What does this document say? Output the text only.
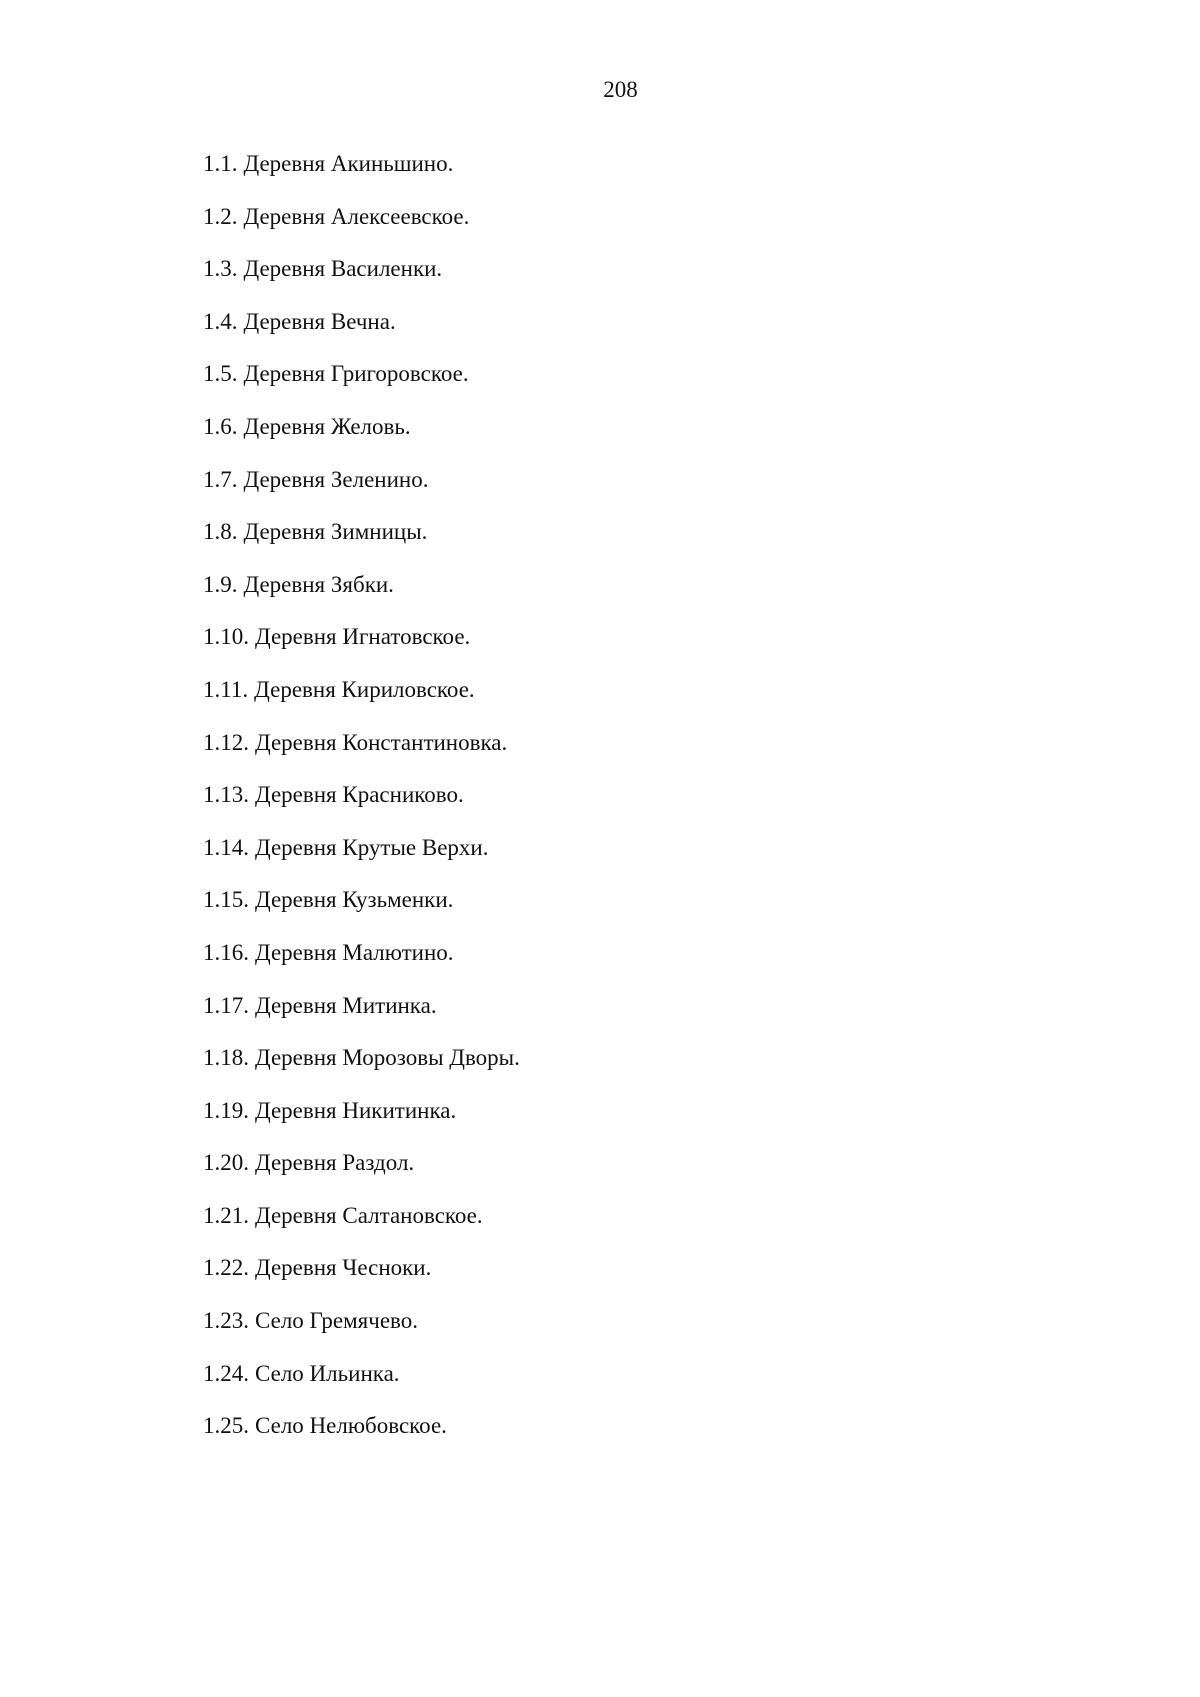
208
1.1. Деревня Акиньшино.
1.2. Деревня Алексеевское.
1.3. Деревня Василенки.
1.4. Деревня Вечна.
1.5. Деревня Григоровское.
1.6. Деревня Желовь.
1.7. Деревня Зеленино.
1.8. Деревня Зимницы.
1.9. Деревня Зябки.
1.10. Деревня Игнатовское.
1.11. Деревня Кириловское.
1.12. Деревня Константиновка.
1.13. Деревня Красниково.
1.14. Деревня Крутые Верхи.
1.15. Деревня Кузьменки.
1.16. Деревня Малютино.
1.17. Деревня Митинка.
1.18. Деревня Морозовы Дворы.
1.19. Деревня Никитинка.
1.20. Деревня Раздол.
1.21. Деревня Салтановское.
1.22. Деревня Чесноки.
1.23. Село Гремячево.
1.24. Село Ильинка.
1.25. Село Нелюбовское.
